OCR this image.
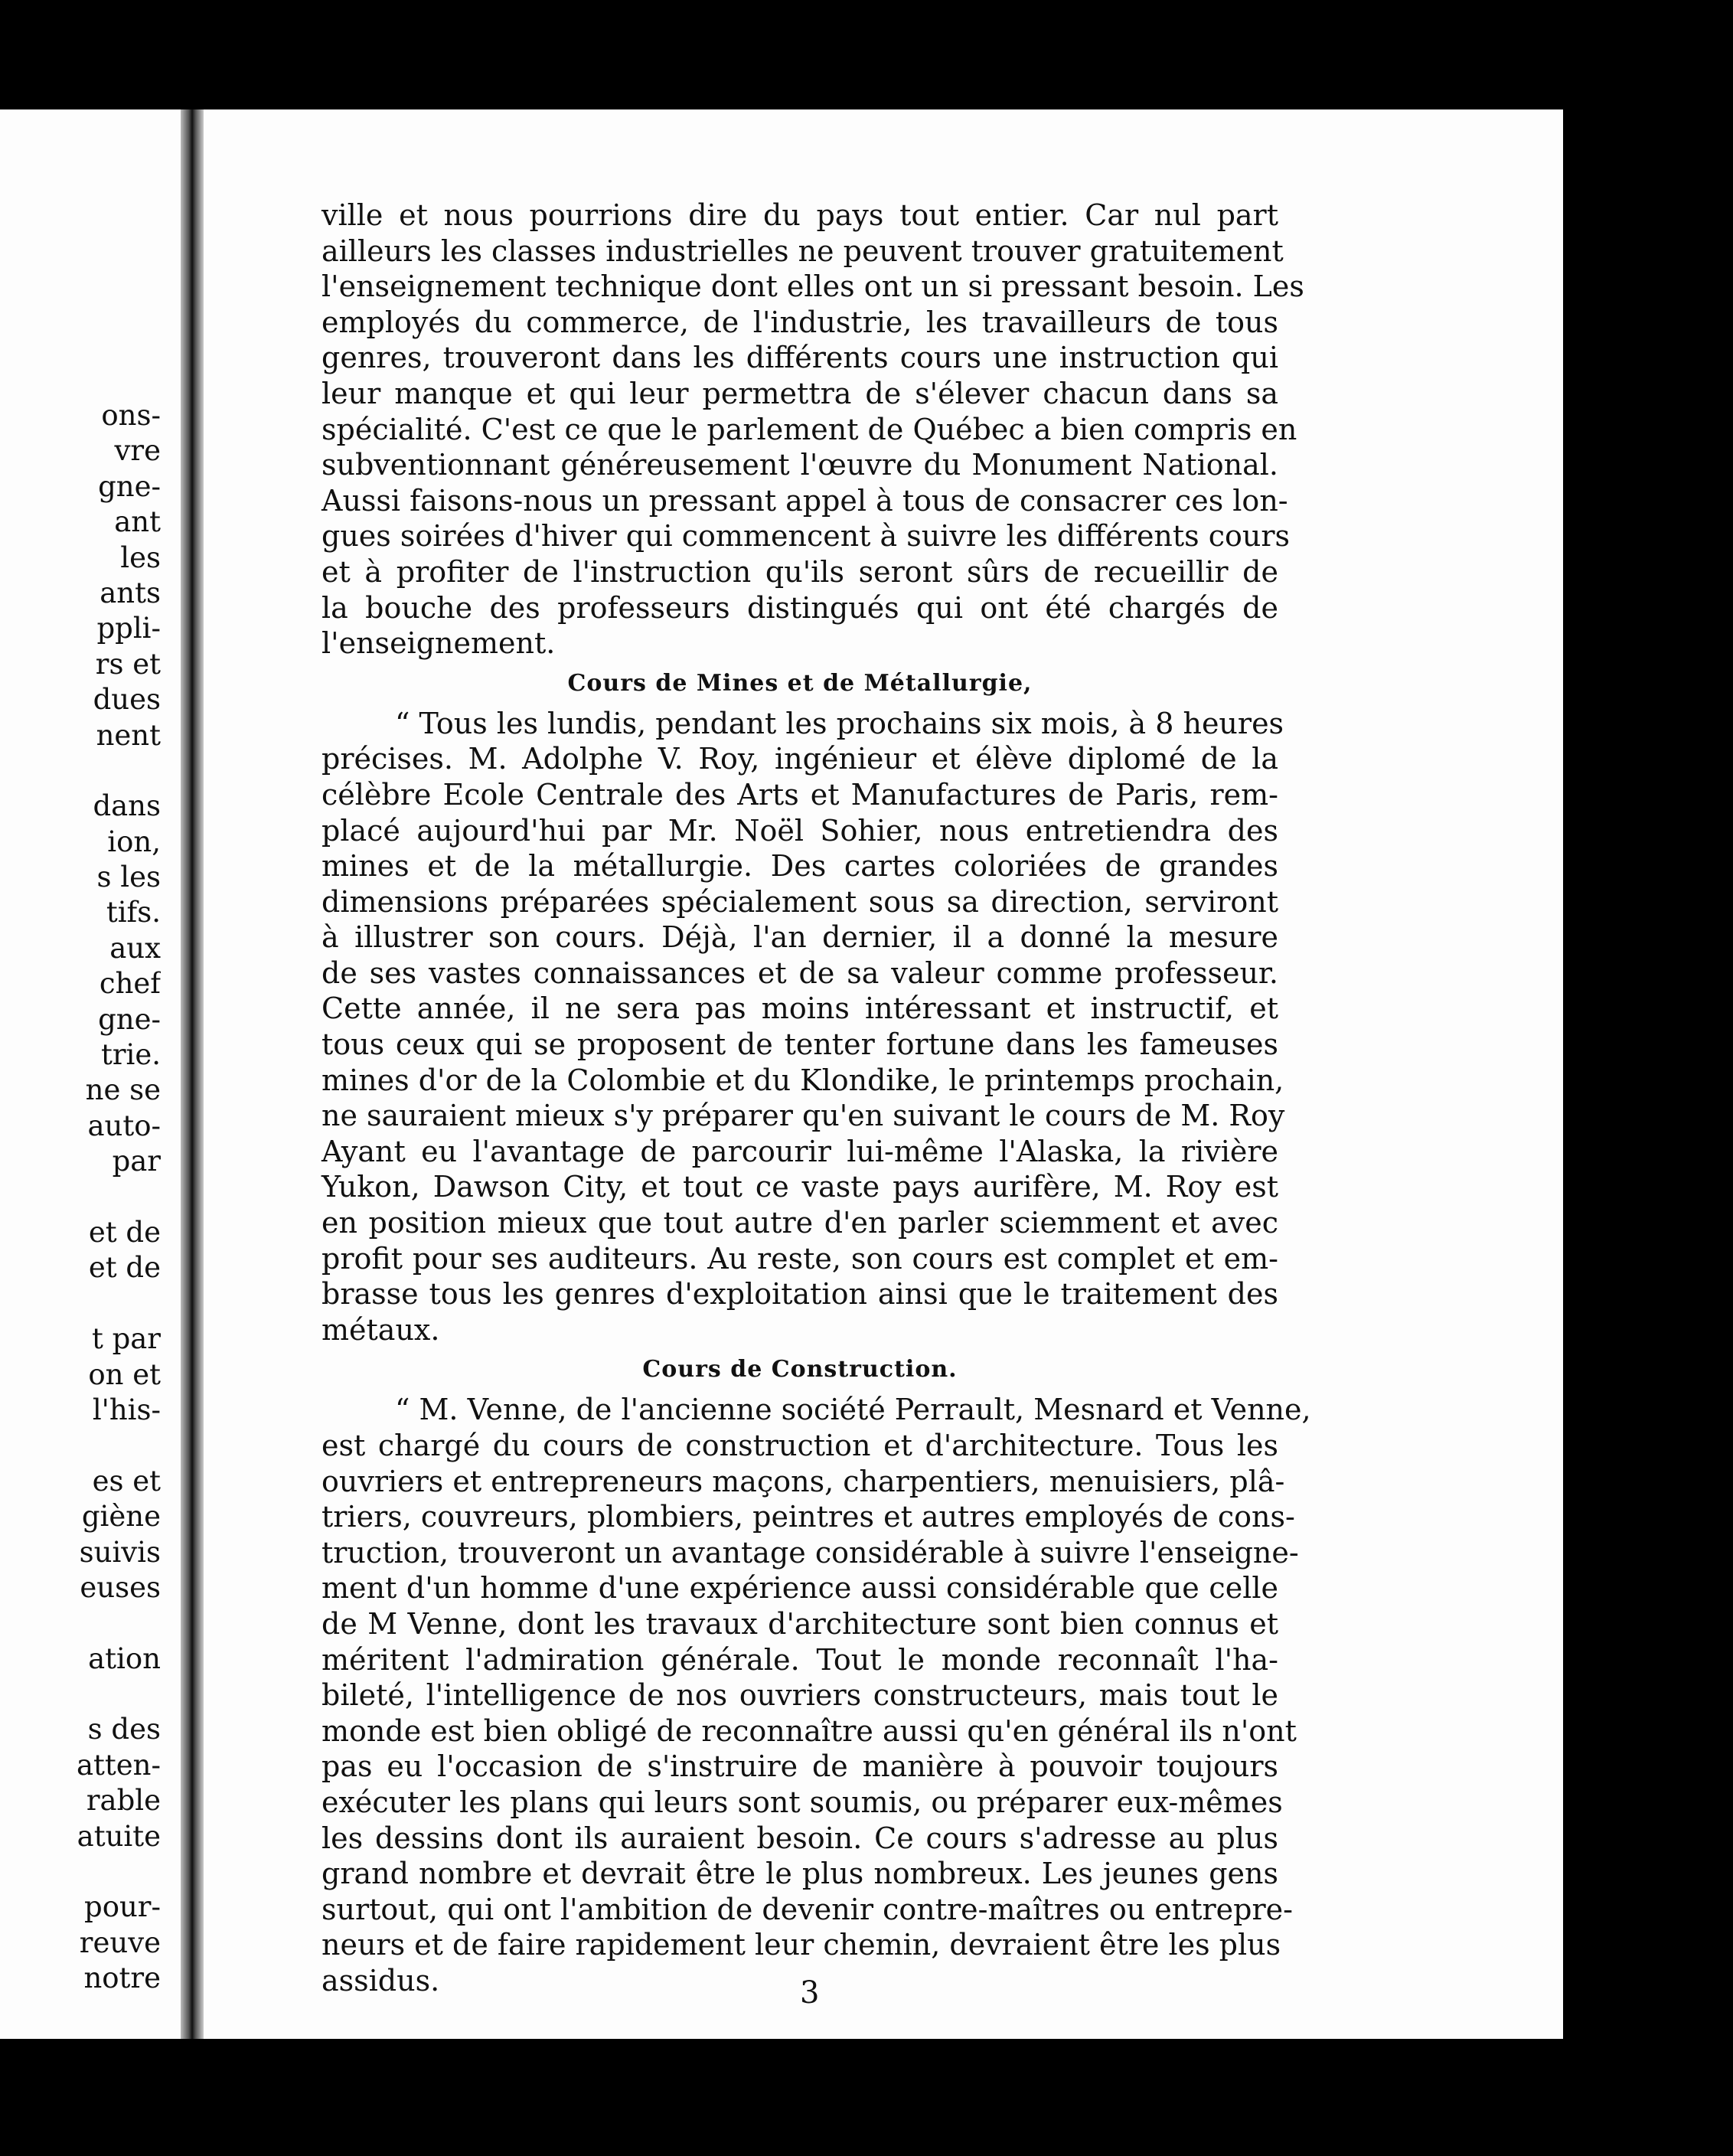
ons-
vre
gne-
ant
les
ants
ppli-
rs et
dues
nent
dans
ion,
s les
tifs.
aux
chef
gne-
trie.
ne se
auto-
par
et de
et de
t par
on et
l'his-
es et
giène
suivis
euses
ation
s des
atten-
rable
atuite
pour-
reuve
notre
ville et nous pourrions dire du pays tout entier. Car nul part
ailleurs les classes industrielles ne peuvent trouver gratuitement
l'enseignement technique dont elles ont un si pressant besoin. Les
employés du commerce, de l'industrie, les travailleurs de tous
genres, trouveront dans les différents cours une instruction qui
leur manque et qui leur permettra de s'élever chacun dans sa
spécialité. C'est ce que le parlement de Québec a bien compris en
subventionnant généreusement l'œuvre du Monument National.
Aussi faisons-nous un pressant appel à tous de consacrer ces lon-
gues soirées d'hiver qui commencent à suivre les différents cours
et à profiter de l'instruction qu'ils seront sûrs de recueillir de
la bouche des professeurs distingués qui ont été chargés de
l'enseignement.
Cours de Mines et de Métallurgie,
“ Tous les lundis, pendant les prochains six mois, à 8 heures
précises. M. Adolphe V. Roy, ingénieur et élève diplomé de la
célèbre Ecole Centrale des Arts et Manufactures de Paris, rem-
placé aujourd'hui par Mr. Noël Sohier, nous entretiendra des
mines et de la métallurgie. Des cartes coloriées de grandes
dimensions préparées spécialement sous sa direction, serviront
à illustrer son cours. Déjà, l'an dernier, il a donné la mesure
de ses vastes connaissances et de sa valeur comme professeur.
Cette année, il ne sera pas moins intéressant et instructif, et
tous ceux qui se proposent de tenter fortune dans les fameuses
mines d'or de la Colombie et du Klondike, le printemps prochain,
ne sauraient mieux s'y préparer qu'en suivant le cours de M. Roy
Ayant eu l'avantage de parcourir lui-même l'Alaska, la rivière
Yukon, Dawson City, et tout ce vaste pays aurifère, M. Roy est
en position mieux que tout autre d'en parler sciemment et avec
profit pour ses auditeurs. Au reste, son cours est complet et em-
brasse tous les genres d'exploitation ainsi que le traitement des
métaux.
Cours de Construction.
“ M. Venne, de l'ancienne société Perrault, Mesnard et Venne,
est chargé du cours de construction et d'architecture. Tous les
ouvriers et entrepreneurs maçons, charpentiers, menuisiers, plâ-
triers, couvreurs, plombiers, peintres et autres employés de cons-
truction, trouveront un avantage considérable à suivre l'enseigne-
ment d'un homme d'une expérience aussi considérable que celle
de M Venne, dont les travaux d'architecture sont bien connus et
méritent l'admiration générale. Tout le monde reconnaît l'ha-
bileté, l'intelligence de nos ouvriers constructeurs, mais tout le
monde est bien obligé de reconnaître aussi qu'en général ils n'ont
pas eu l'occasion de s'instruire de manière à pouvoir toujours
exécuter les plans qui leurs sont soumis, ou préparer eux-mêmes
les dessins dont ils auraient besoin. Ce cours s'adresse au plus
grand nombre et devrait être le plus nombreux. Les jeunes gens
surtout, qui ont l'ambition de devenir contre-maîtres ou entrepre-
neurs et de faire rapidement leur chemin, devraient être les plus
assidus.	3
